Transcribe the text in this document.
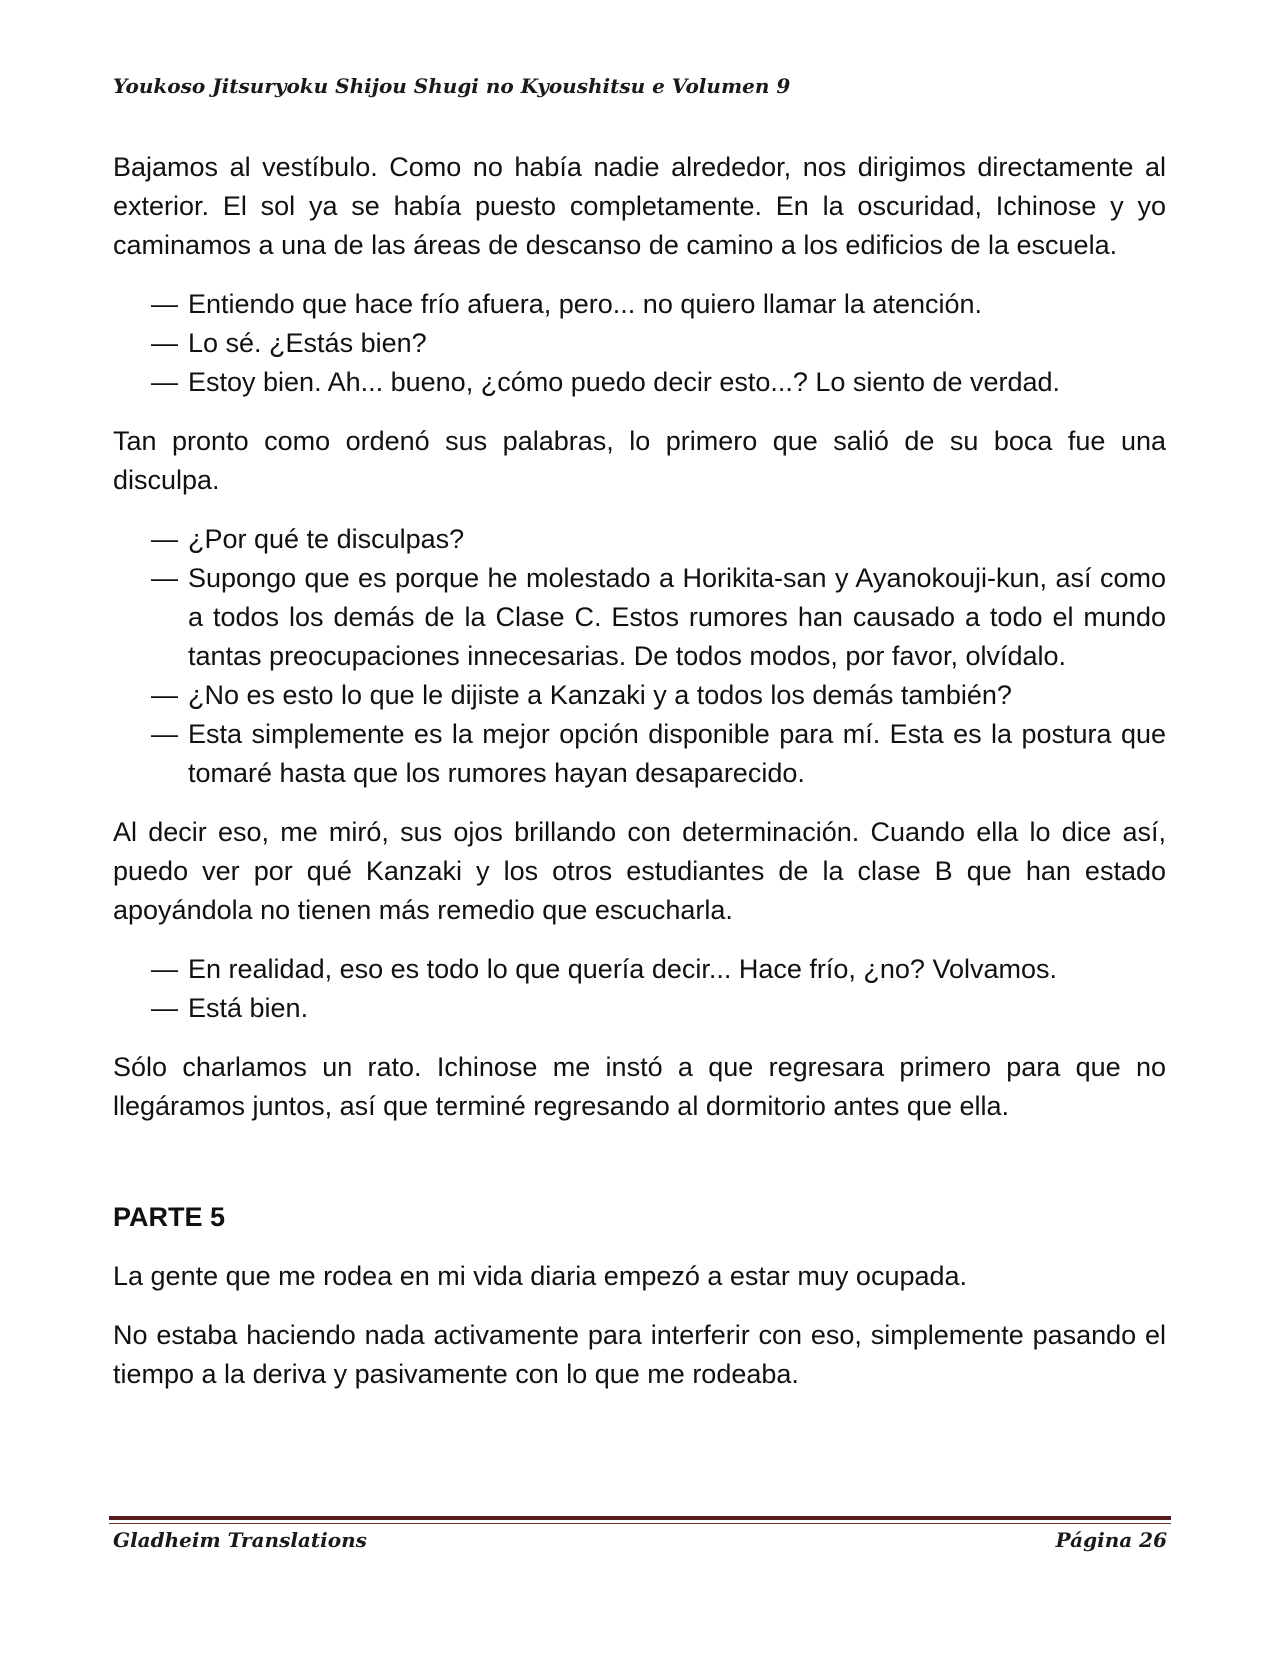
Youkoso Jitsuryoku Shijou Shugi no Kyoushitsu e Volumen 9

Bajamos al vestíbulo. Como no había nadie alrededor, nos dirigimos directamente al exterior. El sol ya se había puesto completamente. En la oscuridad, Ichinose y yo caminamos a una de las áreas de descanso de camino a los edificios de la escuela.

— Entiendo que hace frío afuera, pero... no quiero llamar la atención.
— Lo sé. ¿Estás bien?
— Estoy bien. Ah... bueno, ¿cómo puedo decir esto...? Lo siento de verdad.

Tan pronto como ordenó sus palabras, lo primero que salió de su boca fue una disculpa.

— ¿Por qué te disculpas?
— Supongo que es porque he molestado a Horikita-san y Ayanokouji-kun, así como a todos los demás de la Clase C. Estos rumores han causado a todo el mundo tantas preocupaciones innecesarias. De todos modos, por favor, olvídalo.
— ¿No es esto lo que le dijiste a Kanzaki y a todos los demás también?
— Esta simplemente es la mejor opción disponible para mí. Esta es la postura que tomaré hasta que los rumores hayan desaparecido.

Al decir eso, me miró, sus ojos brillando con determinación. Cuando ella lo dice así, puedo ver por qué Kanzaki y los otros estudiantes de la clase B que han estado apoyándola no tienen más remedio que escucharla.

— En realidad, eso es todo lo que quería decir... Hace frío, ¿no? Volvamos.
— Está bien.

Sólo charlamos un rato. Ichinose me instó a que regresara primero para que no llegáramos juntos, así que terminé regresando al dormitorio antes que ella.

PARTE 5

La gente que me rodea en mi vida diaria empezó a estar muy ocupada.

No estaba haciendo nada activamente para interferir con eso, simplemente pasando el tiempo a la deriva y pasivamente con lo que me rodeaba.

Gladheim Translations	Página 26
